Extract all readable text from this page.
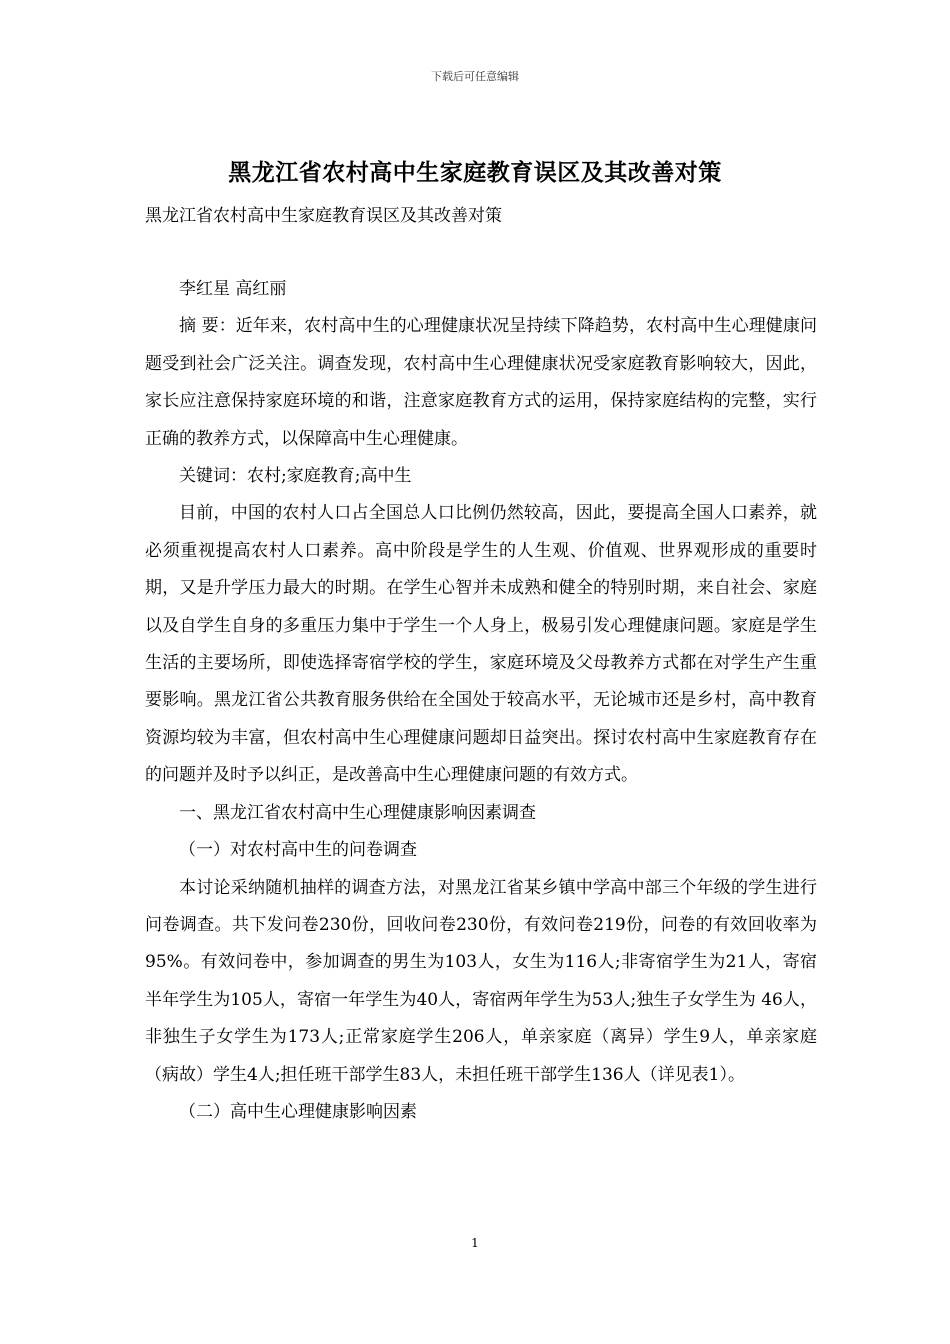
下载后可任意编辑
黑龙江省农村高中生家庭教育误区及其改善对策
黑龙江省农村高中生家庭教育误区及其改善对策

李红星 高红丽

摘 要：近年来，农村高中生的心理健康状况呈持续下降趋势，农村高中生心理健康问题受到社会广泛关注。调查发现，农村高中生心理健康状况受家庭教育影响较大，因此，家长应注意保持家庭环境的和谐，注意家庭教育方式的运用，保持家庭结构的完整，实行正确的教养方式，以保障高中生心理健康。

关键词：农村;家庭教育;高中生

目前，中国的农村人口占全国总人口比例仍然较高，因此，要提高全国人口素养，就必须重视提高农村人口素养。高中阶段是学生的人生观、价值观、世界观形成的重要时期，又是升学压力最大的时期。在学生心智并未成熟和健全的特别时期，来自社会、家庭以及自学生自身的多重压力集中于学生一个人身上，极易引发心理健康问题。家庭是学生生活的主要场所，即使选择寄宿学校的学生，家庭环境及父母教养方式都在对学生产生重要影响。黑龙江省公共教育服务供给在全国处于较高水平，无论城市还是乡村，高中教育资源均较为丰富，但农村高中生心理健康问题却日益突出。探讨农村高中生家庭教育存在的问题并及时予以纠正，是改善高中生心理健康问题的有效方式。

一、黑龙江省农村高中生心理健康影响因素调查

（一）对农村高中生的问卷调查

本讨论采纳随机抽样的调查方法，对黑龙江省某乡镇中学高中部三个年级的学生进行问卷调查。共下发问卷230份，回收问卷230份，有效问卷219份，问卷的有效回收率为95%。有效问卷中，参加调查的男生为103人，女生为116人;非寄宿学生为21人，寄宿半年学生为105人，寄宿一年学生为40人，寄宿两年学生为53人;独生子女学生为 46人，非独生子女学生为173人;正常家庭学生206人，单亲家庭（离异）学生9人，单亲家庭（病故）学生4人;担任班干部学生83人，未担任班干部学生136人（详见表1）。

（二）高中生心理健康影响因素

1
